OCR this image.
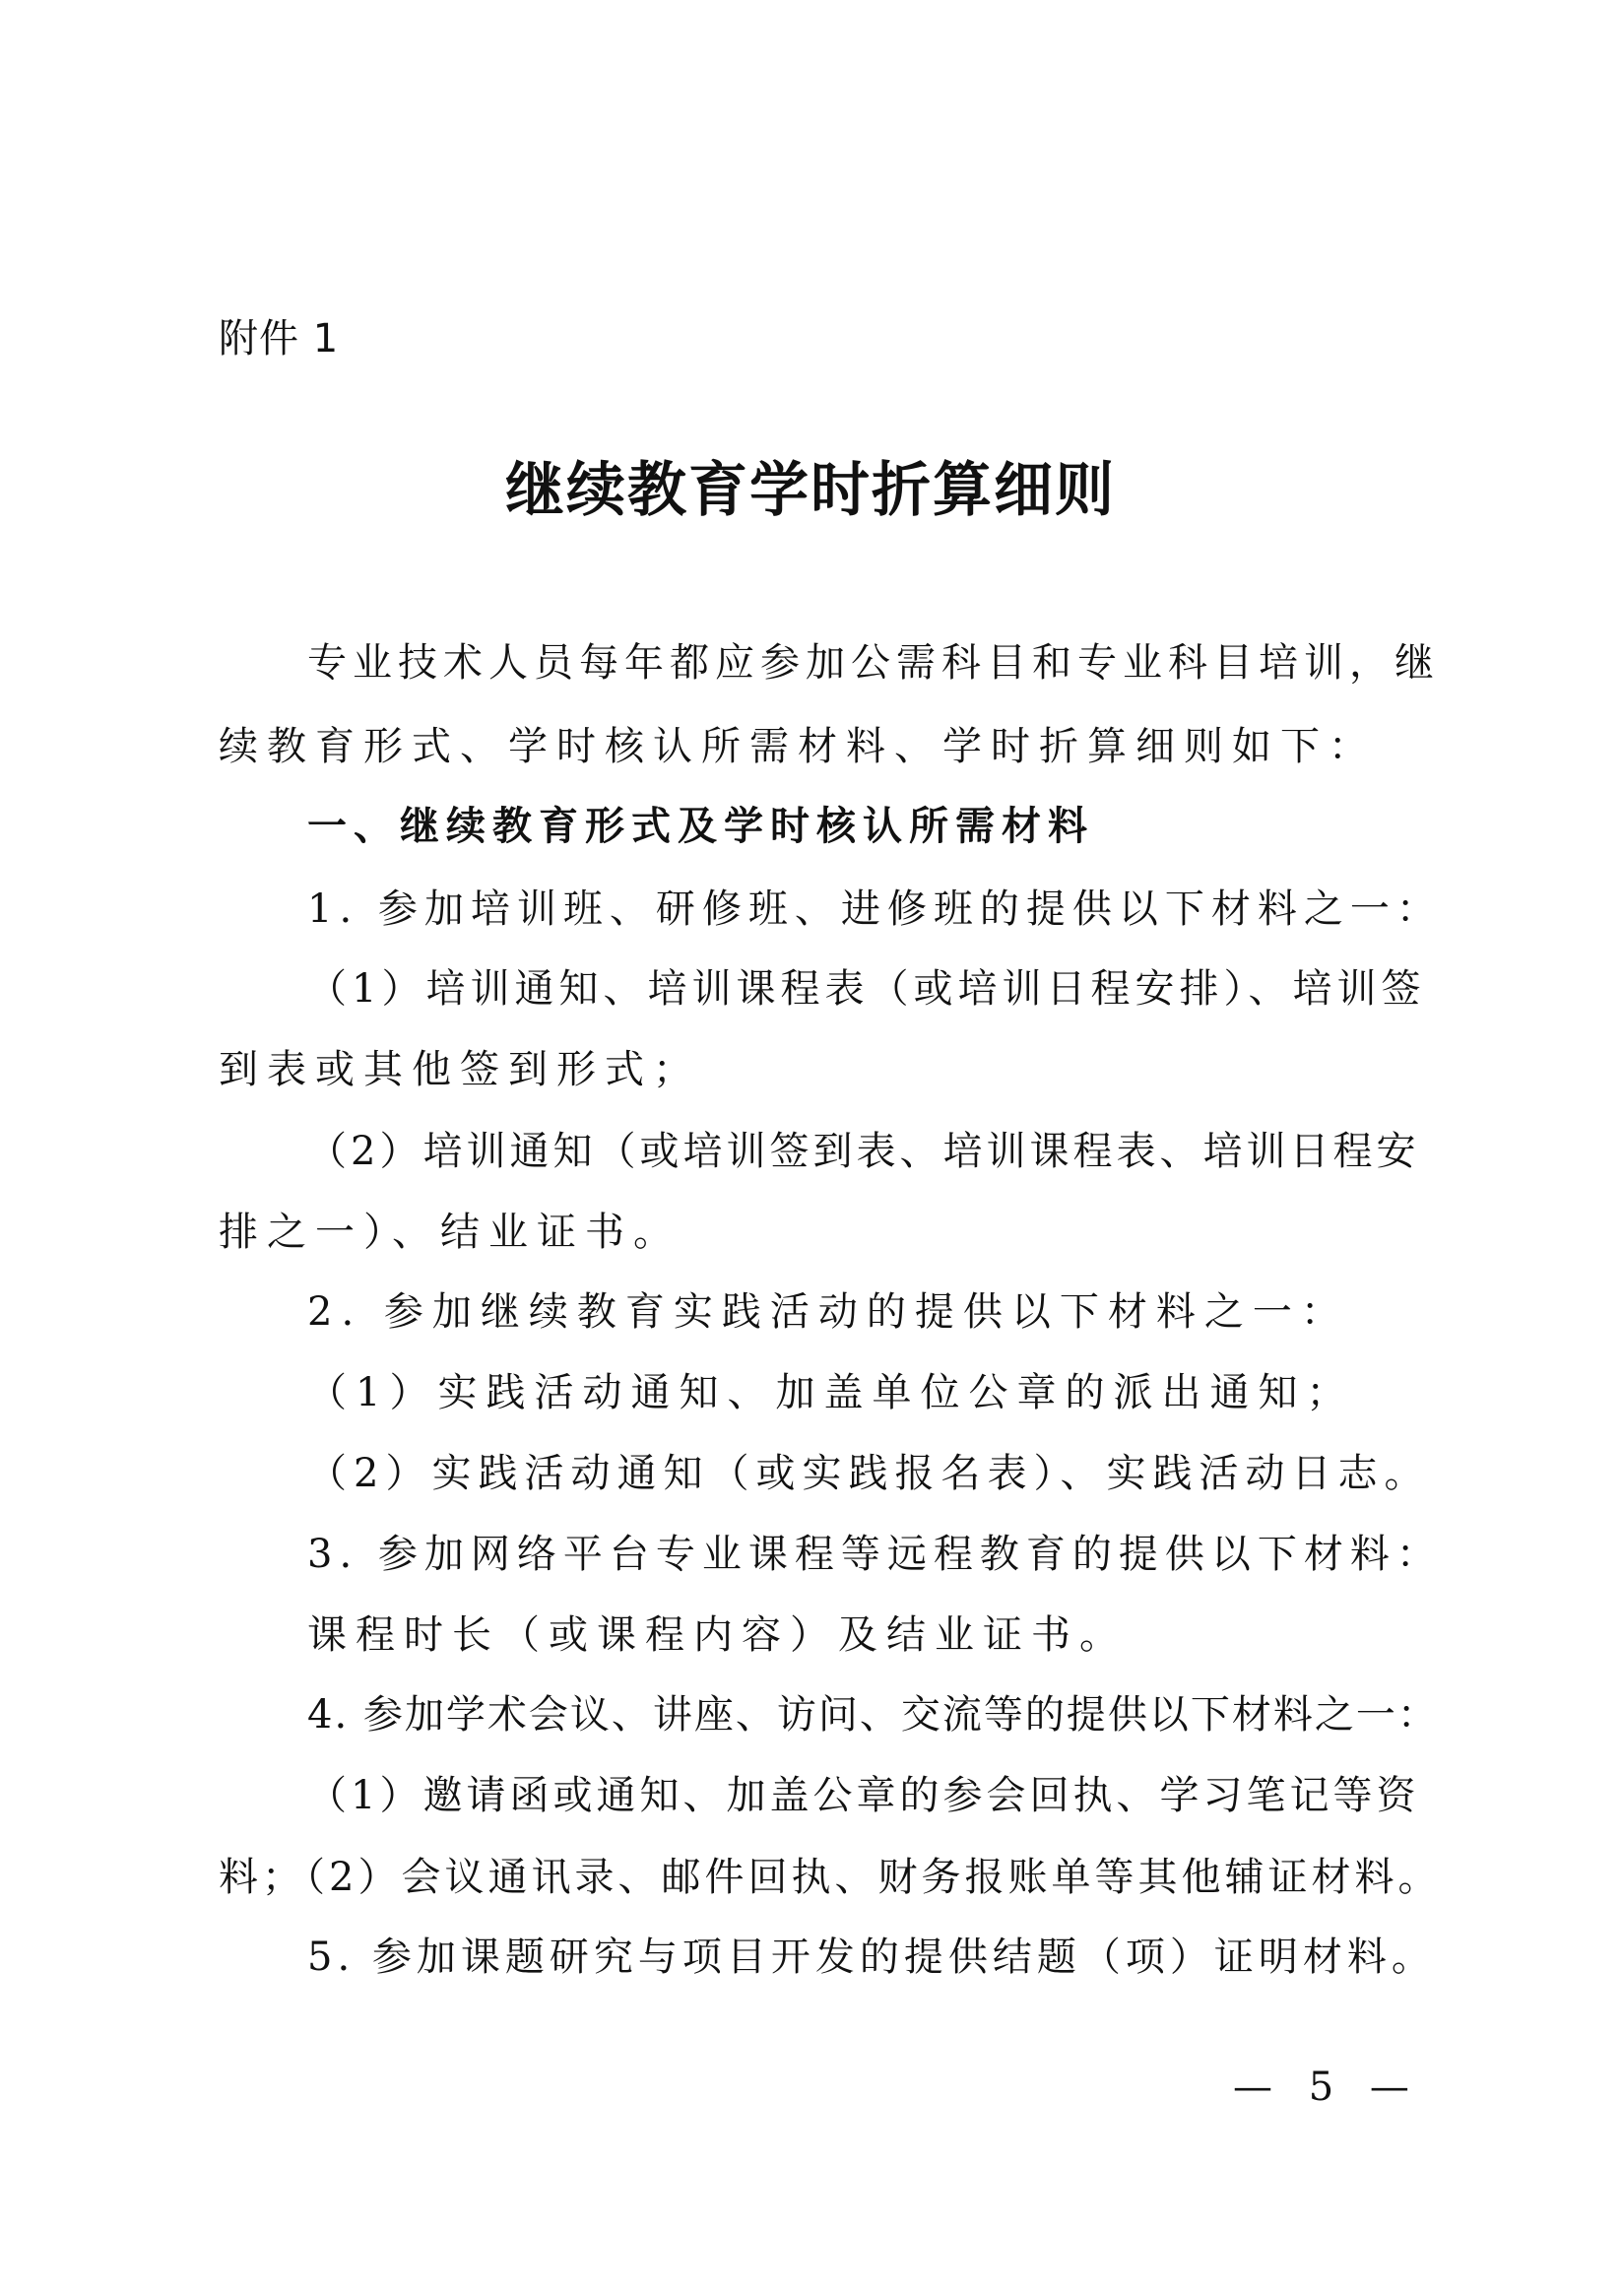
附件 1
继续教育学时折算细则
专业技术人员每年都应参加公需科目和专业科目培训，继
续教育形式、学时核认所需材料、学时折算细则如下：
一、继续教育形式及学时核认所需材料
1. 参加培训班、研修班、进修班的提供以下材料之一：
（1）培训通知、培训课程表（或培训日程安排）、培训签
到表或其他签到形式；
（2）培训通知（或培训签到表、培训课程表、培训日程安
排之一）、结业证书。
2. 参加继续教育实践活动的提供以下材料之一：
（1）实践活动通知、加盖单位公章的派出通知；
（2）实践活动通知（或实践报名表）、实践活动日志。
3. 参加网络平台专业课程等远程教育的提供以下材料：
课程时长（或课程内容）及结业证书。
4. 参加学术会议、讲座、访问、交流等的提供以下材料之一：
（1）邀请函或通知、加盖公章的参会回执、学习笔记等资
料；（2）会议通讯录、邮件回执、财务报账单等其他辅证材料。
5. 参加课题研究与项目开发的提供结题（项）证明材料。
— 5 —
